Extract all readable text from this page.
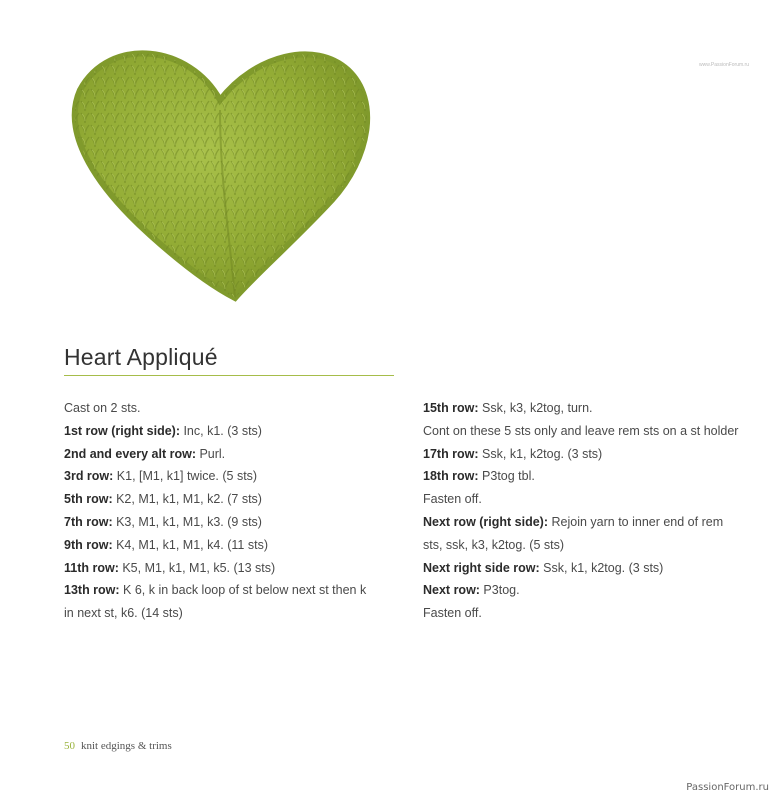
www.PassionForum.ru
Heart Appliqué
Cast on 2 sts.
1st row (right side): Inc, k1. (3 sts)
2nd and every alt row: Purl.
3rd row: K1, [M1, k1] twice. (5 sts)
5th row: K2, M1, k1, M1, k2. (7 sts)
7th row: K3, M1, k1, M1, k3. (9 sts)
9th row: K4, M1, k1, M1, k4. (11 sts)
11th row: K5, M1, k1, M1, k5. (13 sts)
13th row: K 6, k in back loop of st below next st then k
in next st, k6. (14 sts)
15th row: Ssk, k3, k2tog, turn.
Cont on these 5 sts only and leave rem sts on a st holder
17th row: Ssk, k1, k2tog. (3 sts)
18th row: P3tog tbl.
Fasten off.
Next row (right side): Rejoin yarn to inner end of rem
sts, ssk, k3, k2tog. (5 sts)
Next right side row: Ssk, k1, k2tog. (3 sts)
Next row: P3tog.
Fasten off.
50 knit edgings & trims
PassionForum.ru
